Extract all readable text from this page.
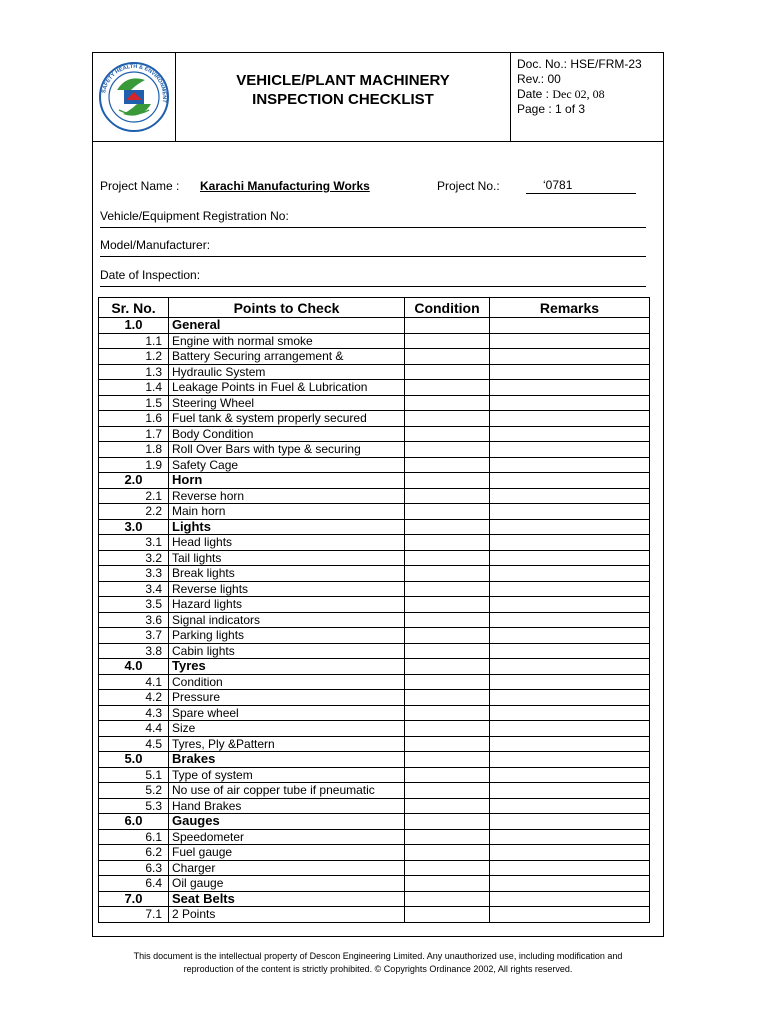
SAFETY HEALTH & ENVIRONMENT
VEHICLE/PLANT MACHINERY
INSPECTION CHECKLIST
Doc. No.: HSE/FRM-23
Rev.: 00
Date : Dec 02, 08
Page : 1 of 3
Project Name : Karachi Manufacturing Works	Project No.:	‘0781
Vehicle/Equipment Registration No:
Model/Manufacturer:
Date of Inspection:
Sr. No.	Points to Check	Condition	Remarks
1.0	General		
1.1	Engine with normal smoke		
1.2	Battery Securing arrangement &		
1.3	Hydraulic System		
1.4	Leakage Points in Fuel & Lubrication		
1.5	Steering Wheel		
1.6	Fuel tank & system properly secured		
1.7	Body Condition		
1.8	Roll Over Bars with type & securing		
1.9	Safety Cage		
2.0	Horn		
2.1	Reverse horn		
2.2	Main horn		
3.0	Lights		
3.1	Head lights		
3.2	Tail lights		
3.3	Break lights		
3.4	Reverse lights		
3.5	Hazard lights		
3.6	Signal indicators		
3.7	Parking lights		
3.8	Cabin lights		
4.0	Tyres		
4.1	Condition		
4.2	Pressure		
4.3	Spare wheel		
4.4	Size		
4.5	Tyres, Ply &Pattern		
5.0	Brakes		
5.1	Type of system		
5.2	No use of air copper tube if pneumatic		
5.3	Hand Brakes		
6.0	Gauges		
6.1	Speedometer		
6.2	Fuel gauge		
6.3	Charger		
6.4	Oil gauge		
7.0	Seat Belts		
7.1	2 Points		
This document is the intellectual property of Descon Engineering Limited. Any unauthorized use, including modification and
reproduction of the content is strictly prohibited. © Copyrights Ordinance 2002, All rights reserved.
